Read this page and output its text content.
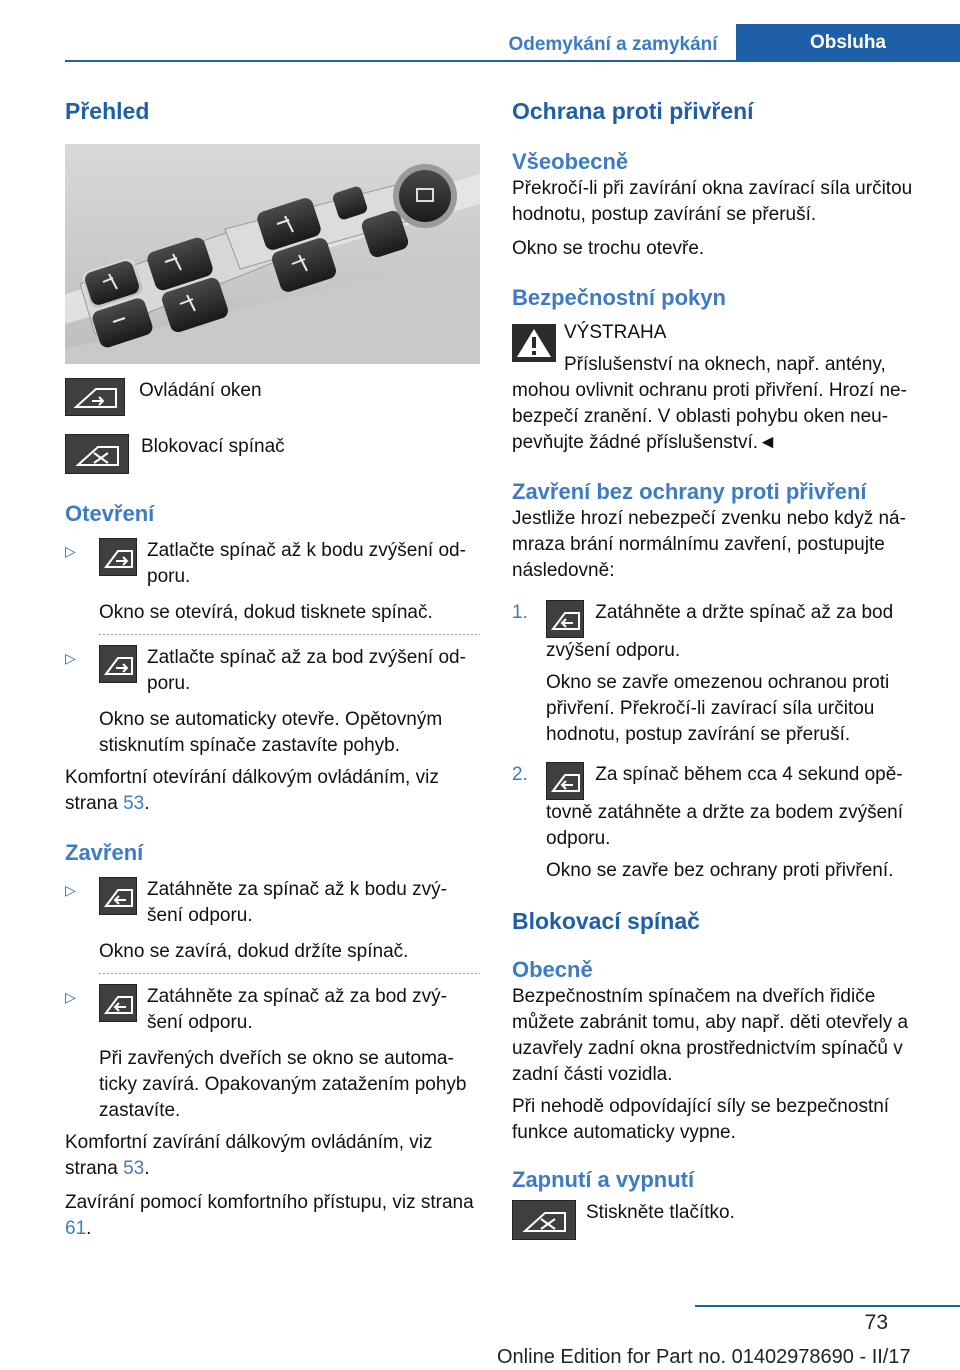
Odemykání a zamykání	Obsluha
Přehled
Ovládání oken
Blokovací spínač
Otevření
▷	Zatlačte spínač až k bodu zvýšení od-poru.

Okno se otevírá, dokud tisknete spínač.

▷	Zatlačte spínač až za bod zvýšení od-poru.

Okno se automaticky otevře. Opětovným stisknutím spínače zastavíte pohyb.

Komfortní otevírání dálkovým ovládáním, viz strana 53.

Zavření
▷	Zatáhněte za spínač až k bodu zvý-šení odporu.

Okno se zavírá, dokud držíte spínač.

▷	Zatáhněte za spínač až za bod zvý-šení odporu.

Při zavřených dveřích se okno se automa-ticky zavírá. Opakovaným zatažením pohyb zastavíte.

Komfortní zavírání dálkovým ovládáním, viz strana 53.

Zavírání pomocí komfortního přístupu, viz strana 61.

Ochrana proti přivření
Všeobecně

Překročí-li při zavírání okna zavírací síla určitou hodnotu, postup zavírání se přeruší.

Okno se trochu otevře.

Bezpečnostní pokyn

VÝSTRAHA

Příslušenství na oknech, např. antény,

mohou ovlivnit ochranu proti přivření. Hrozí ne-bezpečí zranění. V oblasti pohybu oken neu-pevňujte žádné příslušenství.◄

Zavření bez ochrany proti přivření

Jestliže hrozí nebezpečí zvenku nebo když ná-mraza brání normálnímu zavření, postupujte následovně:

1.	Zatáhněte a držte spínač až za bod

zvýšení odporu.

Okno se zavře omezenou ochranou proti přivření. Překročí-li zavírací síla určitou hodnotu, postup zavírání se přeruší.

2.	Za spínač během cca 4 sekund opě-

tovně zatáhněte a držte za bodem zvýšení odporu.

Okno se zavře bez ochrany proti přivření.

Blokovací spínač
Obecně

Bezpečnostním spínačem na dveřích řidiče můžete zabránit tomu, aby např. děti otevřely a uzavřely zadní okna prostřednictvím spínačů v zadní části vozidla.

Při nehodě odpovídající síly se bezpečnostní funkce automaticky vypne.

Zapnutí a vypnutí
Stiskněte tlačítko.
73
Online Edition for Part no. 01402978690 - II/17
